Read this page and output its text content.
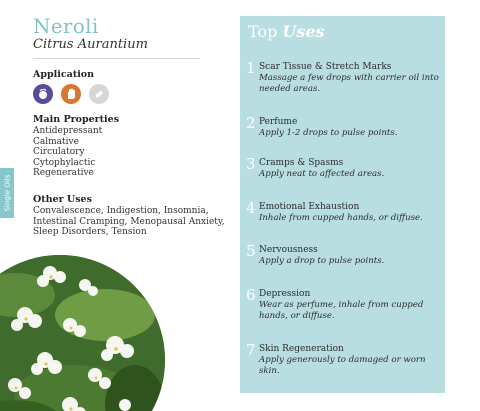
Neroli
Citrus Aurantium
Application
Main Properties
Antidepressant
Calmative
Circulatory
Cytophylactic
Regenerative
Other Uses
Convalescence, Indigestion, Insomnia, Intestinal Cramping, Menopausal Anxiety, Sleep Disorders, Tension
Single Oils
96
Top Uses
1 Scar Tissue & Stretch Marks
Massage a few drops with carrier oil into needed areas.
2 Perfume
Apply 1-2 drops to pulse points.
3 Cramps & Spasms
Apply neat to affected areas.
4 Emotional Exhaustion
Inhale from cupped hands, or diffuse.
5 Nervousness
Apply a drop to pulse points.
6 Depression
Wear as perfume, inhale from cupped hands, or diffuse.
7 Skin Regeneration
Apply generously to damaged or worn skin.
